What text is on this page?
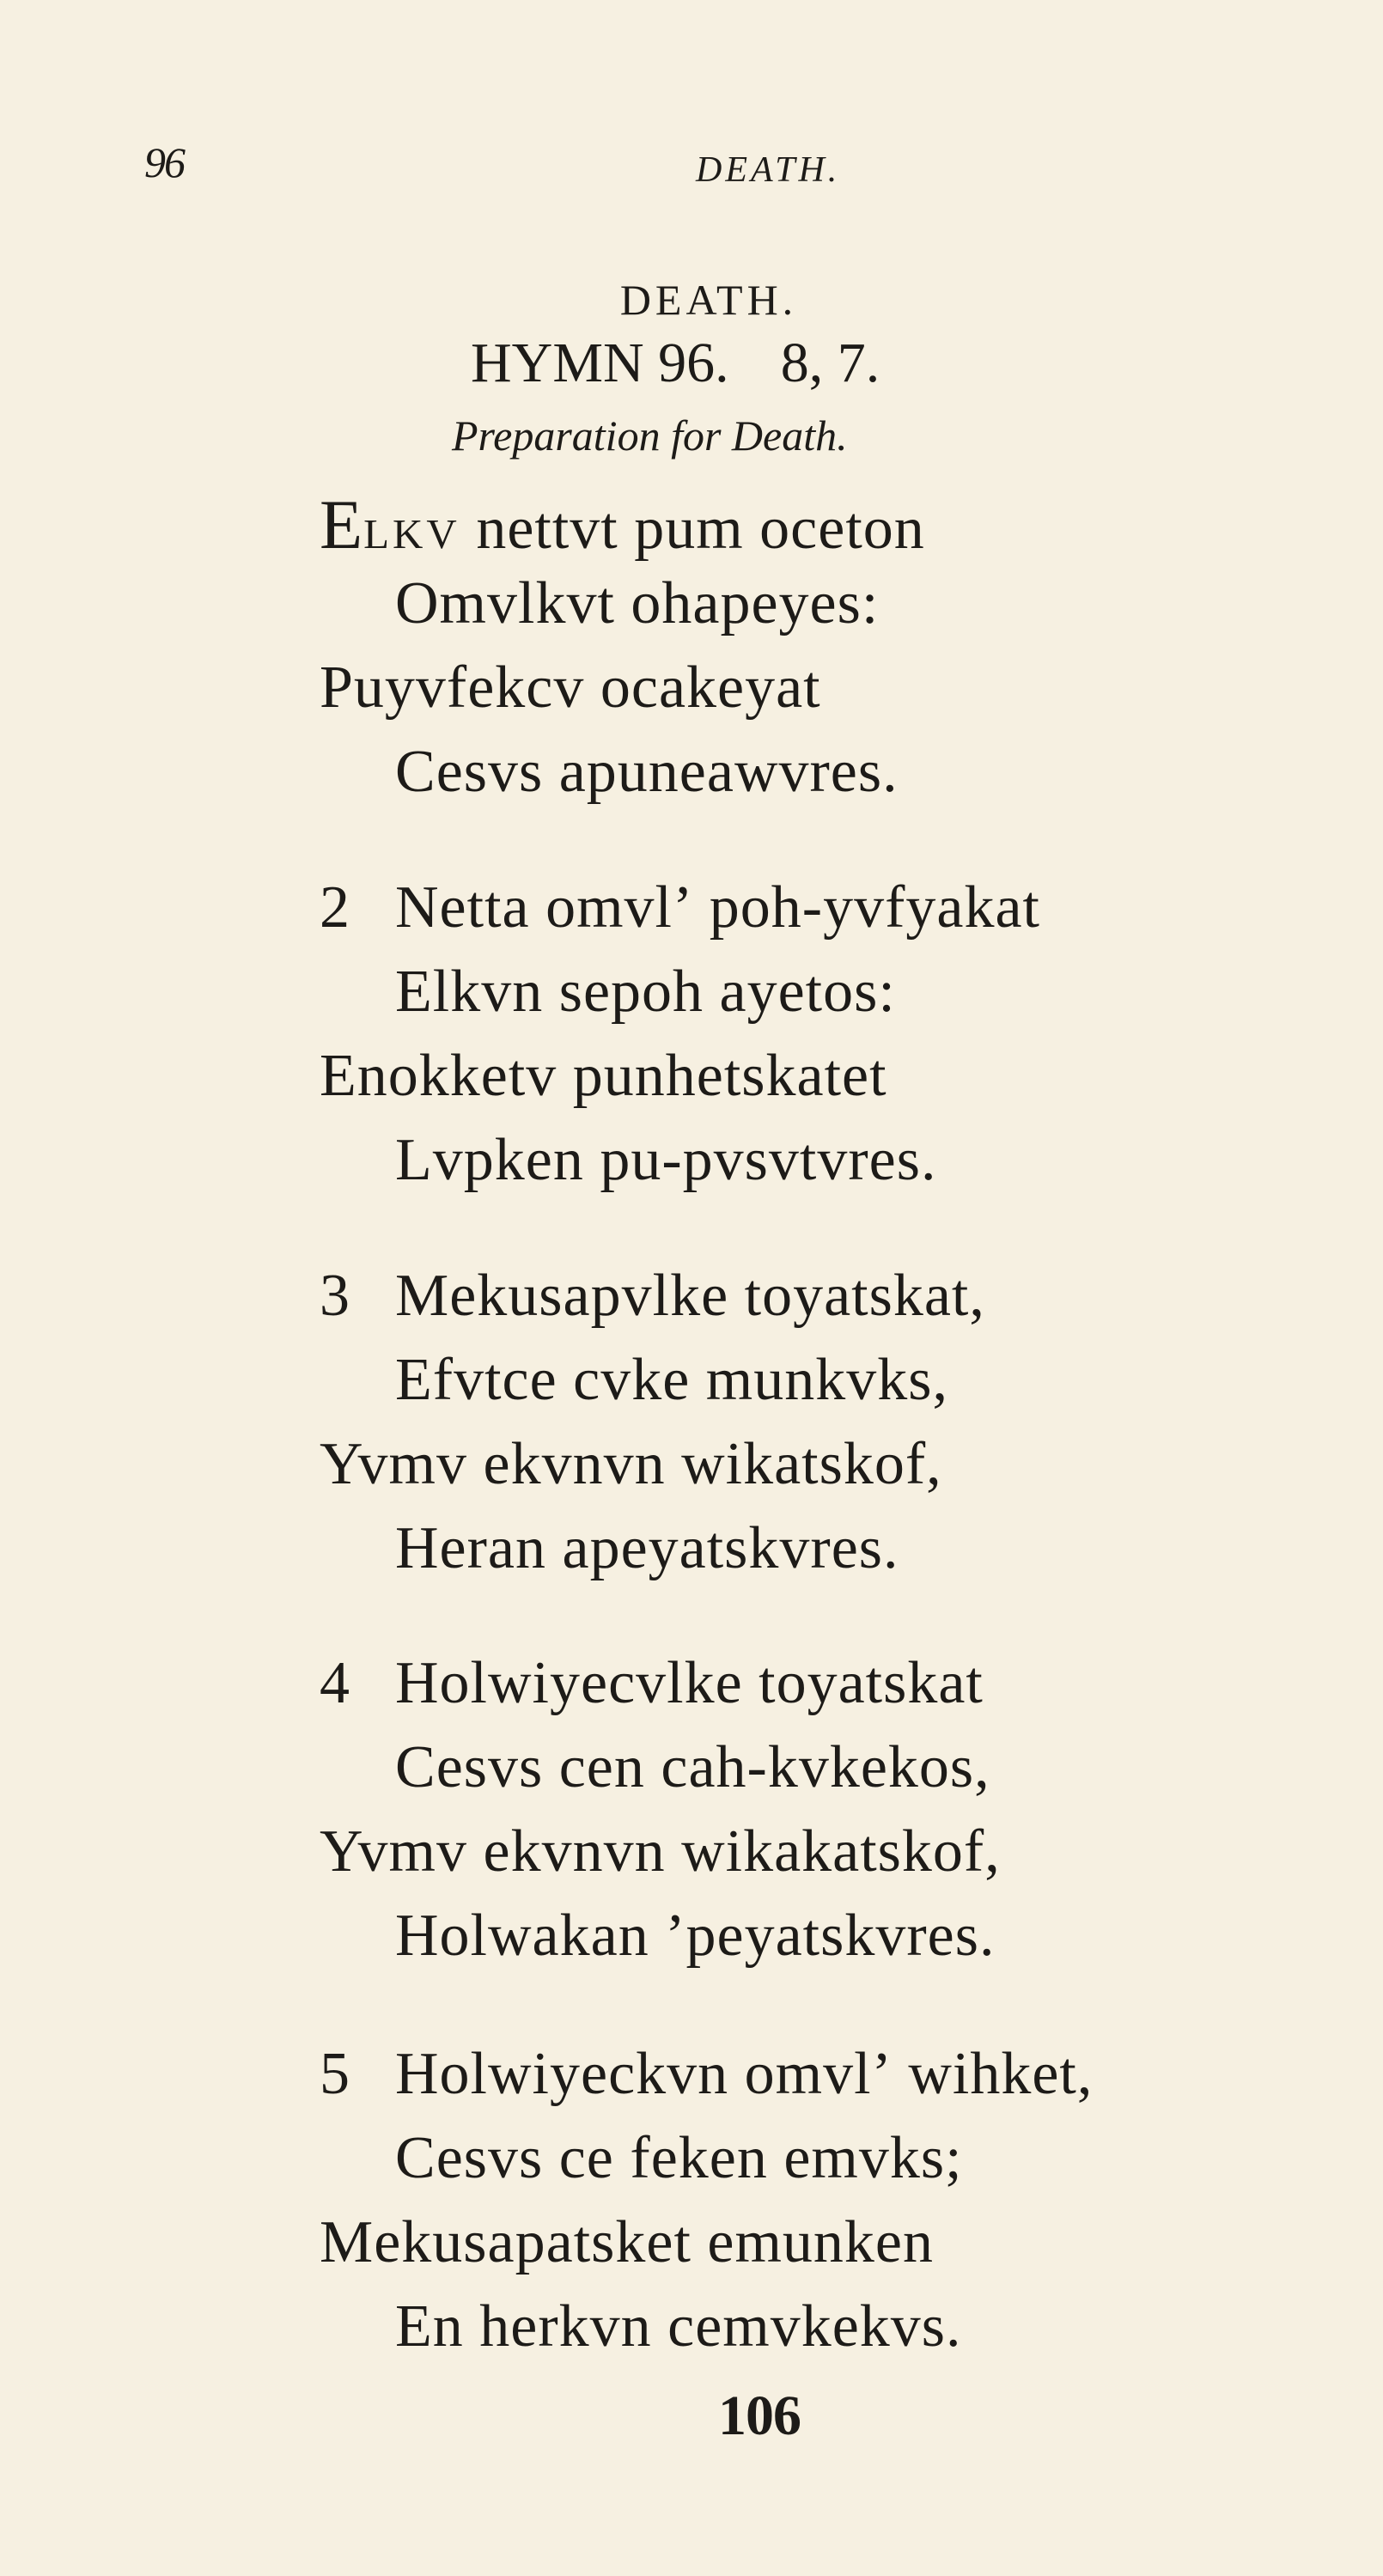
96	DEATH.
DEATH.
HYMN 96. 8, 7.
Preparation for Death.
Elkv nettvt pum oceton
Omvlkvt ohapeyes:
Puyvfekcv ocakeyat
Cesvs apuneawvres.
2 Netta omvlʼ poh-yvfyakat
Elkvn sepoh ayetos:
Enokketv punhetskatet
Lvpken pu-pvsvtvres.
3 Mekusapvlke toyatskat,
Efvtce cvke munkvks,
Yvmv ekvnvn wikatskof,
Heran apeyatskvres.
4 Holwiyecvlke toyatskat
Cesvs cen cah-kvkekos,
Yvmv ekvnvn wikakatskof,
Holwakan ʼpeyatskvres.
5 Holwiyeckvn omvlʼ wihket,
Cesvs ce feken emvks;
Mekusapatsket emunken
En herkvn cemvkekvs.
106
